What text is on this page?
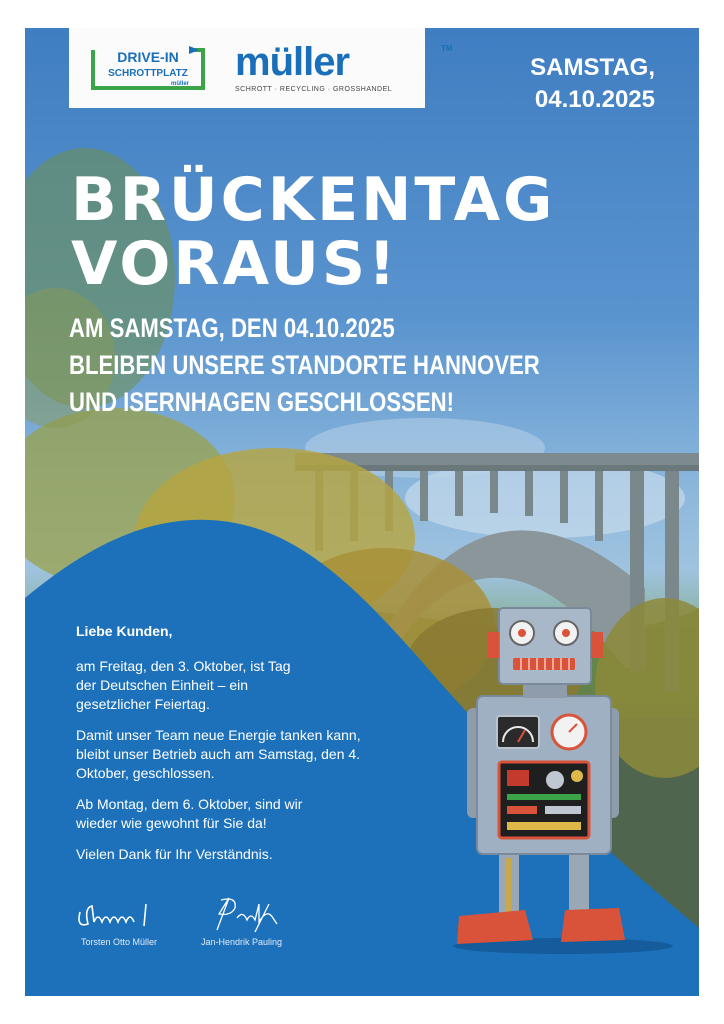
DRIVE-IN
SCHROTTPLATZ
müller müller	TM
SCHROTT · RECYCLING · GROSSHANDEL
SAMSTAG,
04.10.2025
BRÜCKENTAG
VORAUS!
AM SAMSTAG, DEN 04.10.2025
BLEIBEN UNSERE STANDORTE HANNOVER
UND ISERNHAGEN GESCHLOSSEN!
Liebe Kunden,

am Freitag, den 3. Oktober, ist Tag der Deutschen Einheit – ein gesetzlicher Feiertag.

Damit unser Team neue Energie tanken kann, bleibt unser Betrieb auch am Samstag, den 4. Oktober, geschlossen.

Ab Montag, dem 6. Oktober, sind wir wieder wie gewohnt für Sie da!

Vielen Dank für Ihr Verständnis.

Torsten Otto Müller	Jan-Hendrik Pauling
